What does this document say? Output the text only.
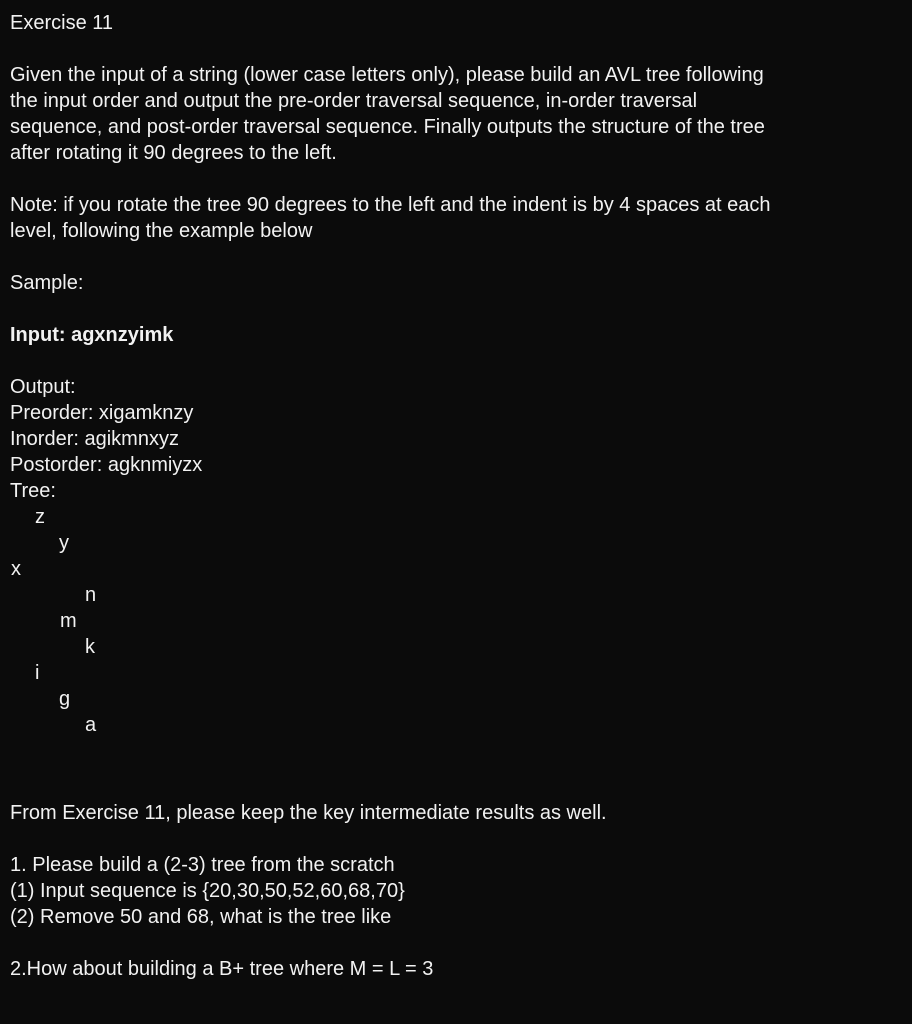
Exercise 11
Given the input of a string (lower case letters only), please build an AVL tree following
the input order and output the pre-order traversal sequence, in-order traversal
sequence, and post-order traversal sequence. Finally outputs the structure of the tree
after rotating it 90 degrees to the left.
Note: if you rotate the tree 90 degrees to the left and the indent is by 4 spaces at each
level, following the example below
Sample:
Input: agxnzyimk
Output:
Preorder: xigamknzy
Inorder: agikmnxyz
Postorder: agknmiyzx
Tree:
z
y
x
n
m
k
i
g
a
From Exercise 11, please keep the key intermediate results as well.
1. Please build a (2-3) tree from the scratch
(1) Input sequence is {20,30,50,52,60,68,70}
(2) Remove 50 and 68, what is the tree like
2.How about building a B+ tree where M = L = 3
